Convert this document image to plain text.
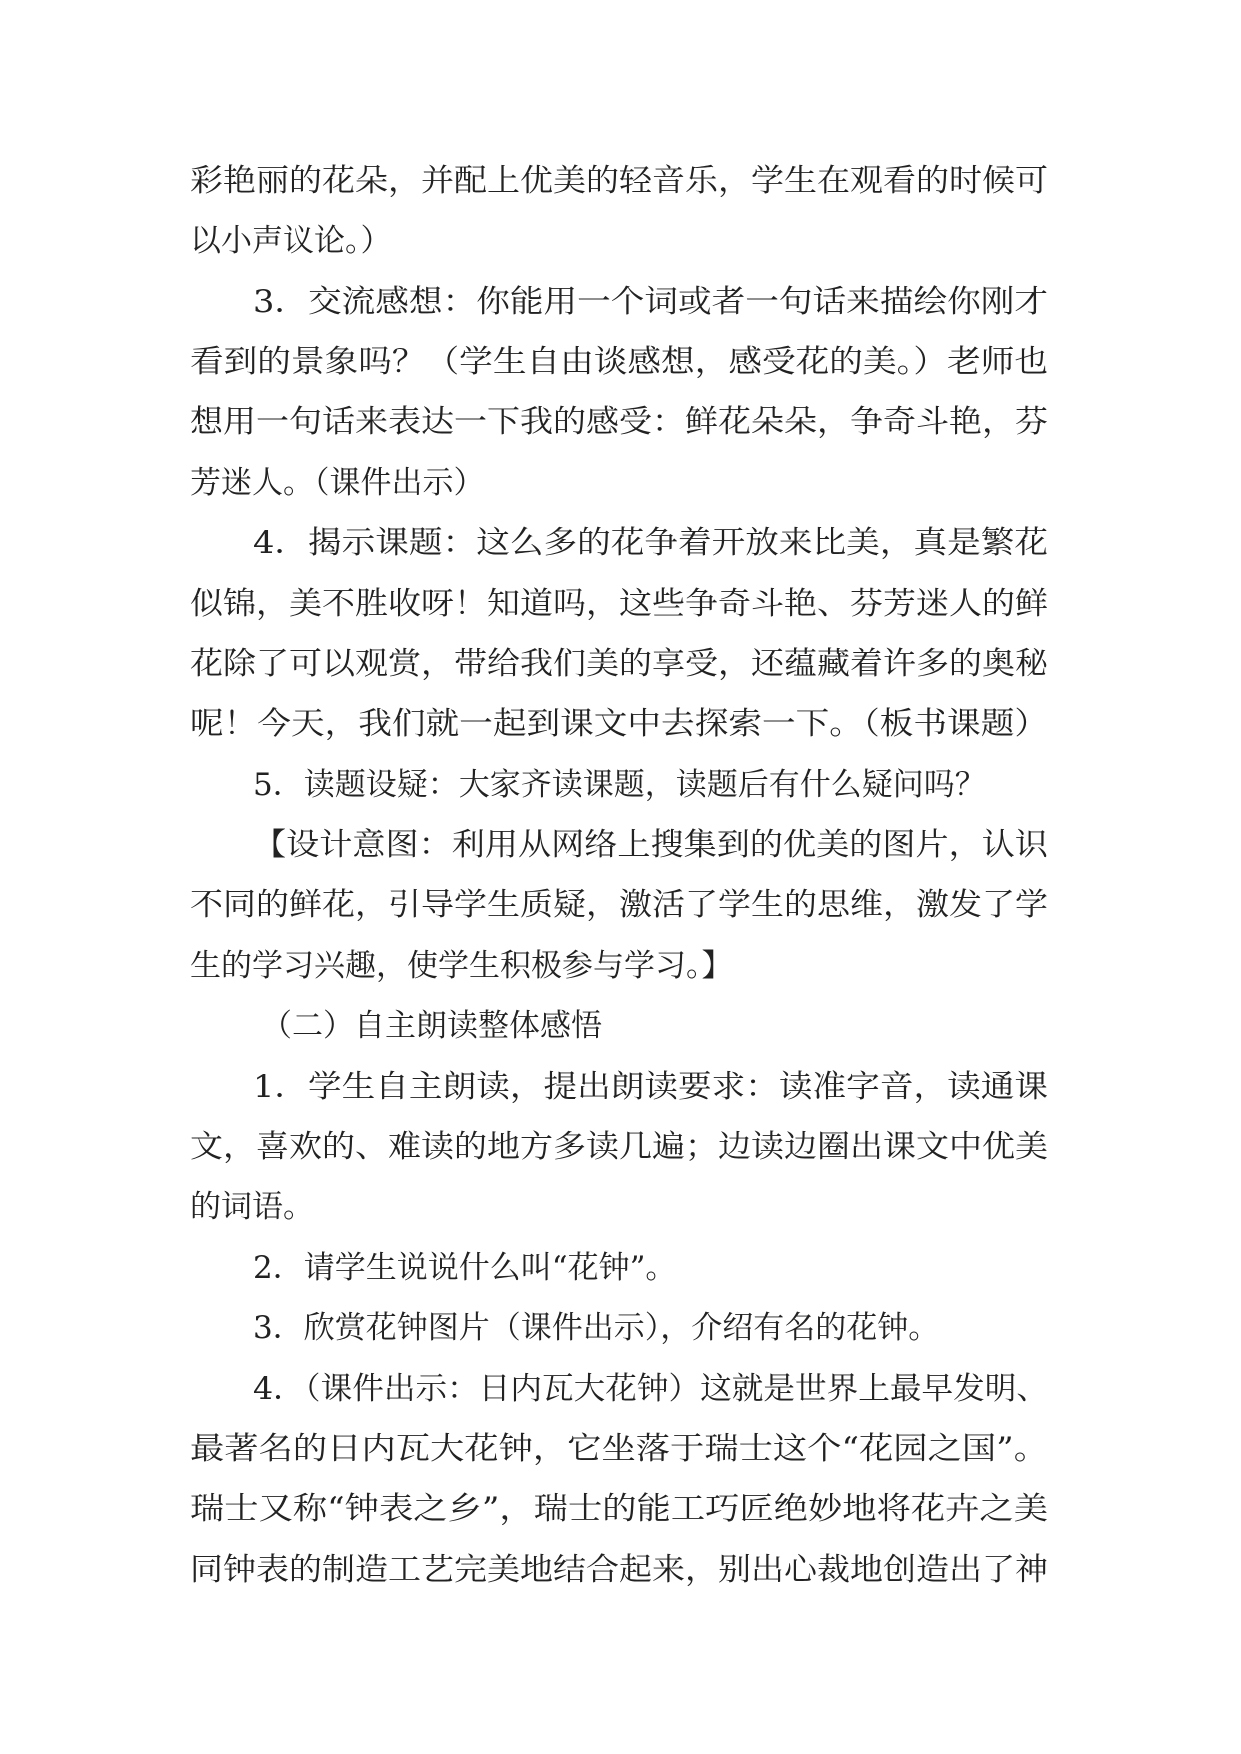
彩艳丽的花朵，并配上优美的轻音乐，学生在观看的时候可
以小声议论。）
3．交流感想：你能用一个词或者一句话来描绘你刚才
看到的景象吗？（学生自由谈感想，感受花的美。）老师也
想用一句话来表达一下我的感受：鲜花朵朵，争奇斗艳，芬
芳迷人。（课件出示）
4．揭示课题：这么多的花争着开放来比美，真是繁花
似锦，美不胜收呀！知道吗，这些争奇斗艳、芬芳迷人的鲜
花除了可以观赏，带给我们美的享受，还蕴藏着许多的奥秘
呢！今天，我们就一起到课文中去探索一下。（板书课题）
5．读题设疑：大家齐读课题，读题后有什么疑问吗？
【设计意图：利用从网络上搜集到的优美的图片，认识
不同的鲜花，引导学生质疑，激活了学生的思维，激发了学
生的学习兴趣，使学生积极参与学习。】
（二）自主朗读整体感悟
1．学生自主朗读，提出朗读要求：读准字音，读通课
文，喜欢的、难读的地方多读几遍；边读边圈出课文中优美
的词语。
2．请学生说说什么叫“花钟”。
3．欣赏花钟图片（课件出示），介绍有名的花钟。
4．（课件出示：日内瓦大花钟）这就是世界上最早发明、
最著名的日内瓦大花钟，它坐落于瑞士这个“花园之国”。
瑞士又称“钟表之乡”，瑞士的能工巧匠绝妙地将花卉之美
同钟表的制造工艺完美地结合起来，别出心裁地创造出了神
